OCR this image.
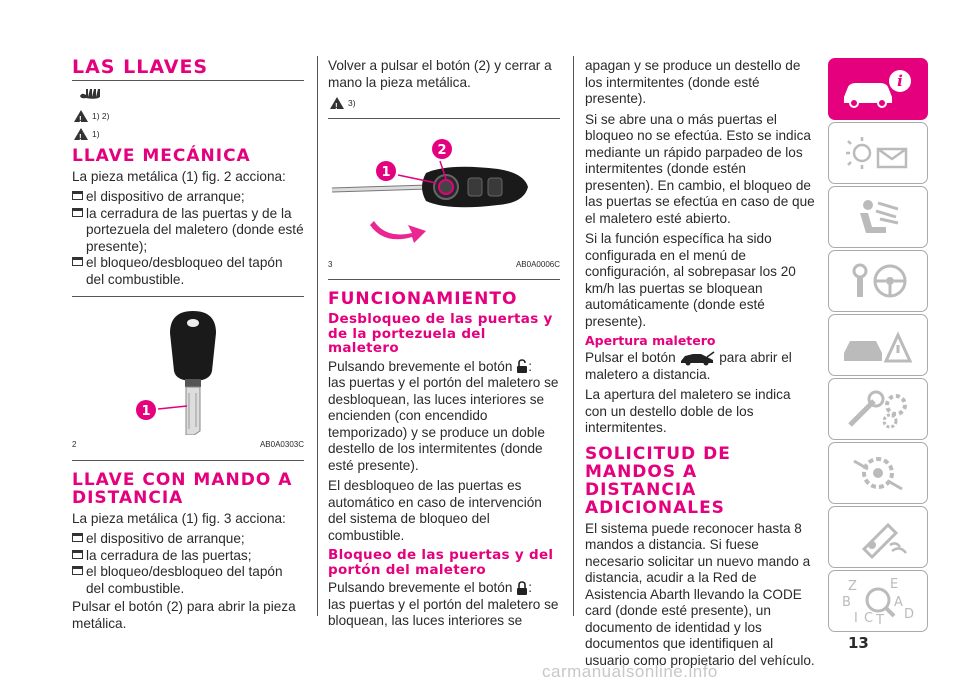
LAS LLAVES
!
1) 2)
!
1)
LLAVE MECÁNICA

La pieza metálica (1) fig. 2 acciona:

el dispositivo de arranque;
la cerradura de las puertas y de la portezuela del maletero (donde esté presente);
el bloqueo/desbloqueo del tapón del combustible.
1
2	AB0A0303C
LLAVE CON MANDO A DISTANCIA

La pieza metálica (1) fig. 3 acciona:

el dispositivo de arranque;
la cerradura de las puertas;
el bloqueo/desbloqueo del tapón del combustible.

Pulsar el botón (2) para abrir la pieza metálica.

Volver a pulsar el botón (2) y cerrar a mano la pieza metálica.

!
3)
1
2
3	AB0A0006C
FUNCIONAMIENTO
Desbloqueo de las puertas y de la portezuela del maletero

Pulsando brevemente el botón :
las puertas y el portón del maletero se desbloquean, las luces interiores se encienden (con encendido temporizado) y se produce un doble destello de los intermitentes (donde esté presente).

El desbloqueo de las puertas es automático en caso de intervención del sistema de bloqueo del combustible.

Bloqueo de las puertas y del portón del maletero

Pulsando brevemente el botón :
las puertas y el portón del maletero se bloquean, las luces interiores se

apagan y se produce un destello de los intermitentes (donde esté presente).

Si se abre una o más puertas el bloqueo no se efectúa. Esto se indica mediante un rápido parpadeo de los intermitentes (donde estén presenten). En cambio, el bloqueo de las puertas se efectúa en caso de que el maletero esté abierto.

Si la función específica ha sido configurada en el menú de configuración, al sobrepasar los 20 km/h las puertas se bloquean automáticamente (donde esté presente).

Apertura maletero

Pulsar el botón	para abrir el maletero a distancia.

La apertura del maletero se indica con un destello doble de los intermitentes.

SOLICITUD DE MANDOS A DISTANCIA ADICIONALES

El sistema puede reconocer hasta 8 mandos a distancia. Si fuese necesario solicitar un nuevo mando a distancia, acudir a la Red de Asistencia Abarth llevando la CODE card (donde esté presente), un documento de identidad y los documentos que identifiquen al usuario como propietario del vehículo.

i
Z	E
B	A
D
I C T
13
carmanualsonline.info
